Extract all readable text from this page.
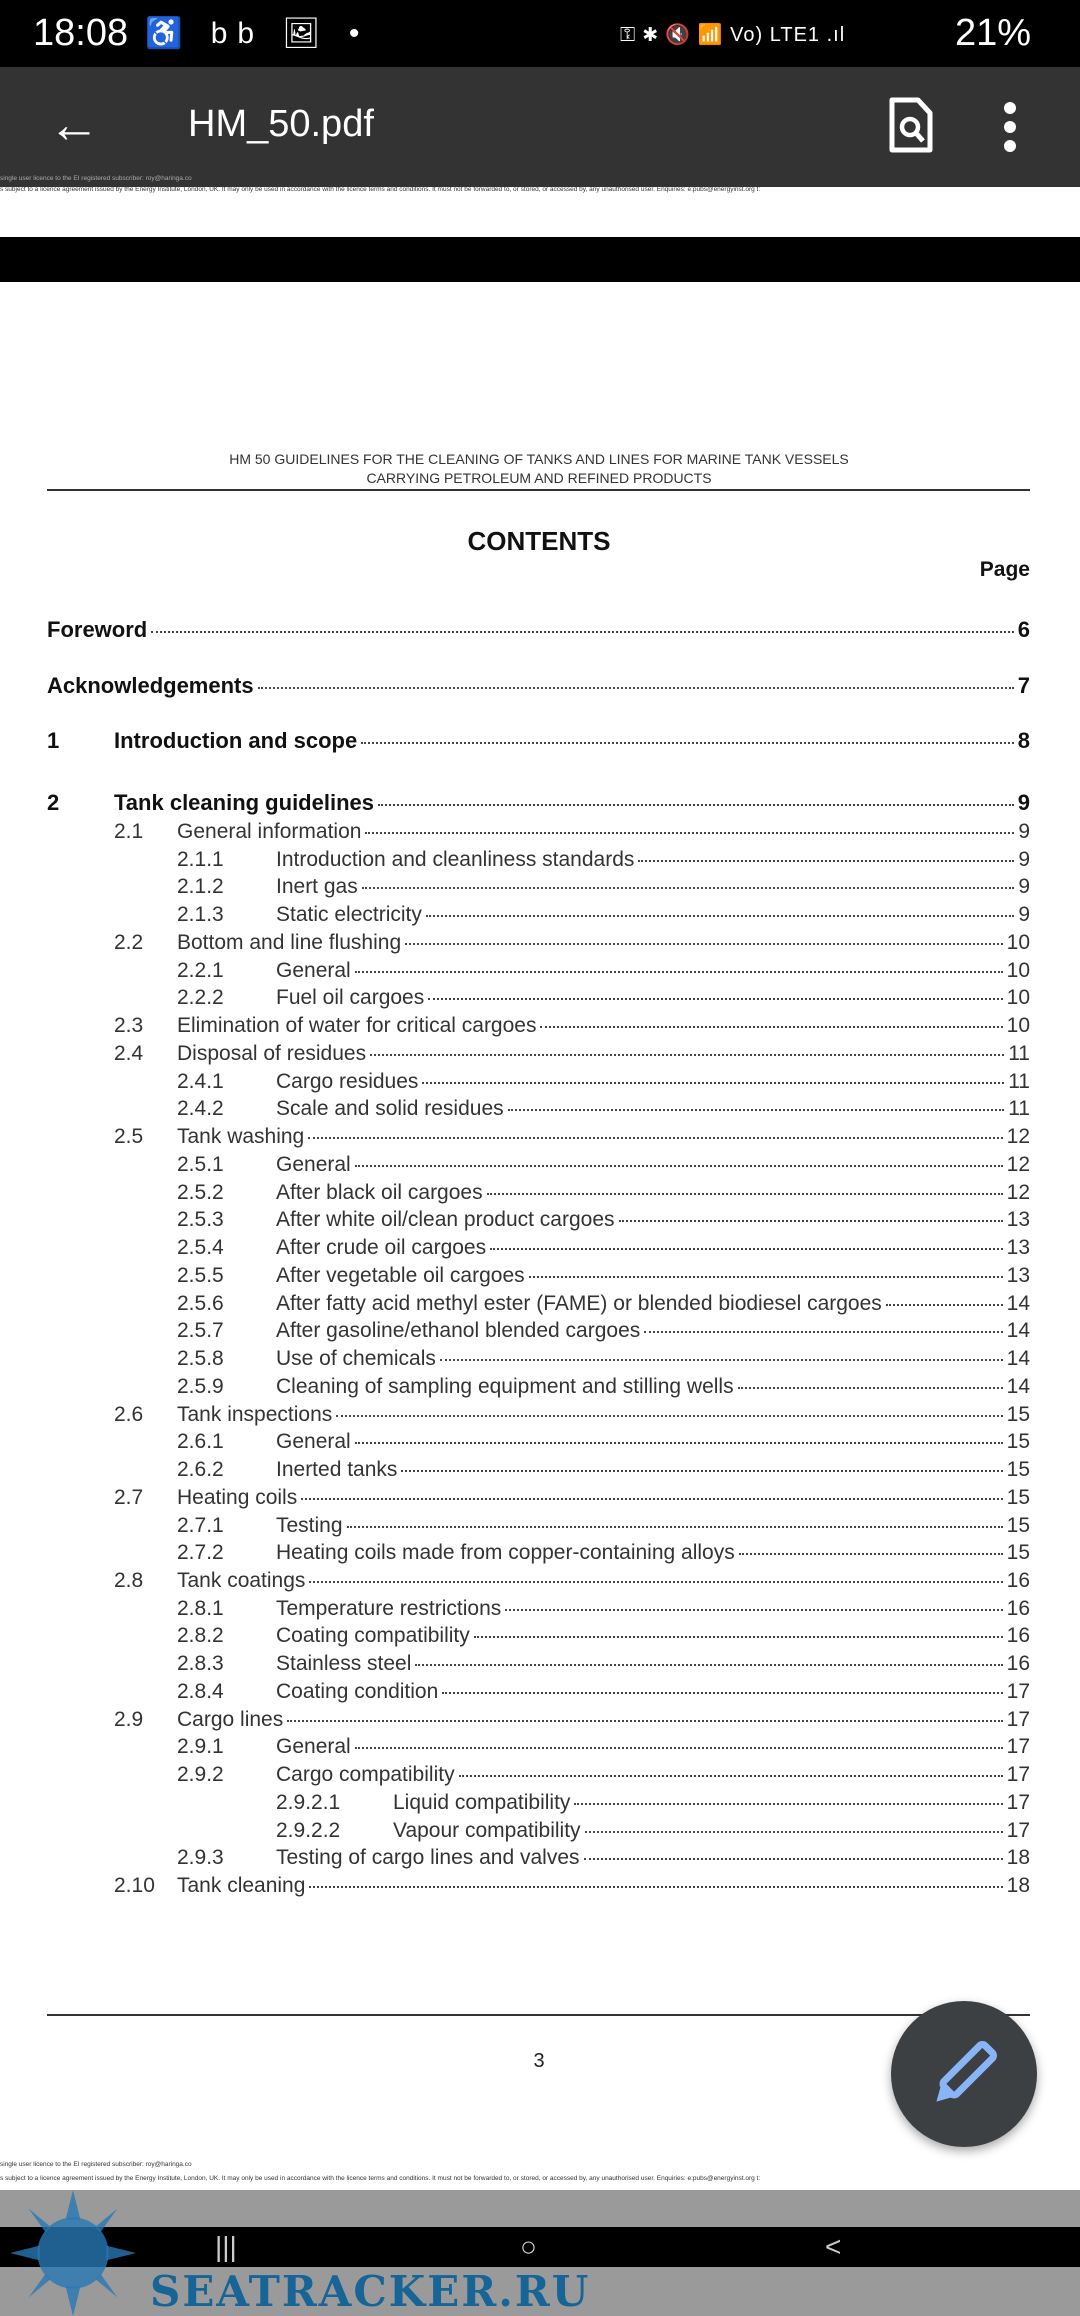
18:08 ♿ bb 🖼 •	⚿ ✱ 🔇 📶 Vo) LTE1 .ıl	21%
← HM_50.pdf
single user licence to the EI registered subscriber: roy@haringa.co
s subject to a licence agreement issued by the Energy Institute, London, UK. It may only be used in accordance with the licence terms and conditions. It must not be forwarded to, or stored, or accessed by, any unauthorised user. Enquiries: e:pubs@energyinst.org t:
HM 50 GUIDELINES FOR THE CLEANING OF TANKS AND LINES FOR MARINE TANK VESSELS
CARRYING PETROLEUM AND REFINED PRODUCTS
CONTENTS
Page
Foreword	6
Acknowledgements	7
1 Introduction and scope	8
2 Tank cleaning guidelines	9
2.1 General information	9
2.1.1 Introduction and cleanliness standards	9
2.1.2 Inert gas	9
2.1.3 Static electricity	9
2.2 Bottom and line flushing	10
2.2.1 General	10
2.2.2 Fuel oil cargoes	10
2.3 Elimination of water for critical cargoes	10
2.4 Disposal of residues	11
2.4.1 Cargo residues	11
2.4.2 Scale and solid residues	11
2.5 Tank washing	12
2.5.1 General	12
2.5.2 After black oil cargoes	12
2.5.3 After white oil/clean product cargoes	13
2.5.4 After crude oil cargoes	13
2.5.5 After vegetable oil cargoes	13
2.5.6 After fatty acid methyl ester (FAME) or blended biodiesel cargoes	14
2.5.7 After gasoline/ethanol blended cargoes	14
2.5.8 Use of chemicals	14
2.5.9 Cleaning of sampling equipment and stilling wells	14
2.6 Tank inspections	15
2.6.1 General	15
2.6.2 Inerted tanks	15
2.7 Heating coils	15
2.7.1 Testing	15
2.7.2 Heating coils made from copper-containing alloys	15
2.8 Tank coatings	16
2.8.1 Temperature restrictions	16
2.8.2 Coating compatibility	16
2.8.3 Stainless steel	16
2.8.4 Coating condition	17
2.9 Cargo lines	17
2.9.1 General	17
2.9.2 Cargo compatibility	17
2.9.2.1	Liquid compatibility	17
2.9.2.2	Vapour compatibility	17
2.9.3 Testing of cargo lines and valves	18
2.10 Tank cleaning	18
3
single user licence to the EI registered subscriber: roy@haringa.co
s subject to a licence agreement issued by the Energy Institute, London, UK. It may only be used in accordance with the licence terms and conditions. It must not be forwarded to, or stored, or accessed by, any unauthorised user. Enquiries: e:pubs@energyinst.org t:
SEATRACKER.RU
|||	○	<
